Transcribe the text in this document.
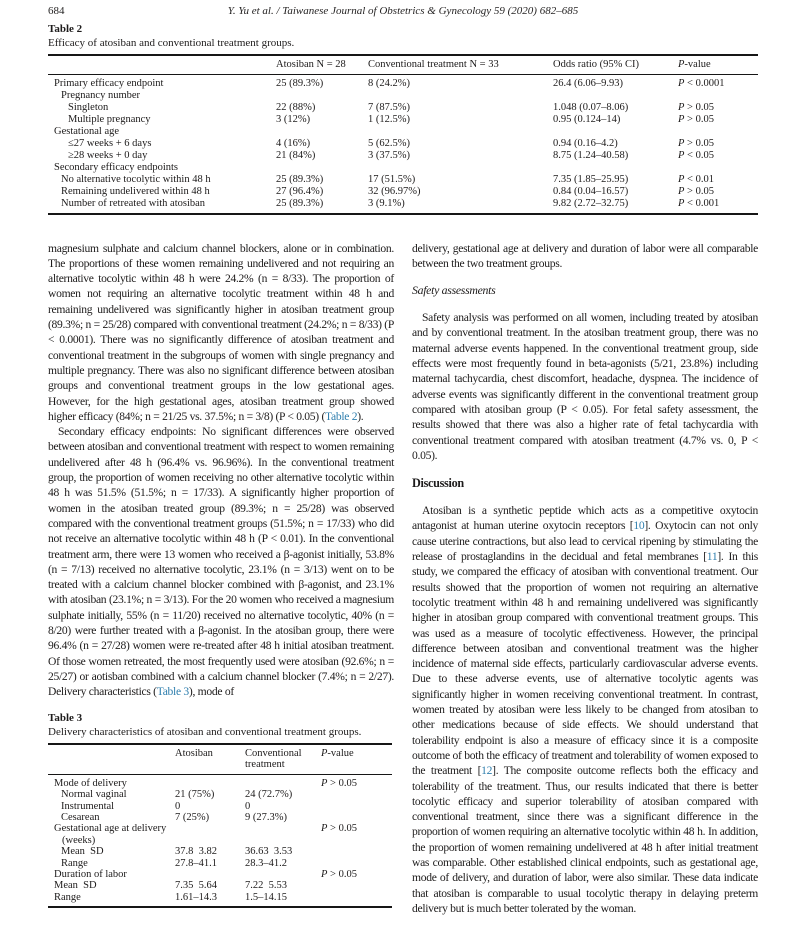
684	Y. Yu et al. / Taiwanese Journal of Obstetrics & Gynecology 59 (2020) 682–685
Table 2
Efficacy of atosiban and conventional treatment groups.
	Atosiban N = 28	Conventional treatment N = 33	Odds ratio (95% CI)	P-value
Primary efficacy endpoint	25 (89.3%)	8 (24.2%)	26.4 (6.06–9.93)	P < 0.0001
Pregnancy number				
Singleton	22 (88%)	7 (87.5%)	1.048 (0.07–8.06)	P > 0.05
Multiple pregnancy	3 (12%)	1 (12.5%)	0.95 (0.124–14)	P > 0.05
Gestational age				
≤27 weeks + 6 days	4 (16%)	5 (62.5%)	0.94 (0.16–4.2)	P > 0.05
≥28 weeks + 0 day	21 (84%)	3 (37.5%)	8.75 (1.24–40.58)	P < 0.05
Secondary efficacy endpoints				
No alternative tocolytic within 48 h	25 (89.3%)	17 (51.5%)	7.35 (1.85–25.95)	P < 0.01
Remaining undelivered within 48 h	27 (96.4%)	32 (96.97%)	0.84 (0.04–16.57)	P > 0.05
Number of retreated with atosiban	25 (89.3%)	3 (9.1%)	9.82 (2.72–32.75)	P < 0.001

magnesium sulphate and calcium channel blockers, alone or in combination. The proportions of these women remaining undelivered and not requiring an alternative tocolytic within 48 h were 24.2% (n = 8/33). The proportion of women not requiring an alternative tocolytic treatment within 48 h and remaining undelivered was significantly higher in atosiban treatment group (89.3%; n = 25/28) compared with conventional treatment (24.2%; n = 8/33) (P < 0.0001). There was no significantly difference of atosiban treatment and conventional treatment in the subgroups of women with single pregnancy and multiple pregnancy. There was also no significant difference between atosiban groups and conventional treatment groups in the low gestational ages. However, for the high gestational ages, atosiban treatment group showed higher efficacy (84%; n = 21/25 vs. 37.5%; n = 3/8) (P < 0.05) (Table 2).

Secondary efficacy endpoints: No significant differences were observed between atosiban and conventional treatment with respect to women remaining undelivered after 48 h (96.4% vs. 96.96%). In the conventional treatment group, the proportion of women receiving no other alternative tocolytic within 48 h was 51.5% (51.5%; n = 17/33). A significantly higher proportion of women in the atosiban treated group (89.3%; n = 25/28) was observed compared with the conventional treatment groups (51.5%; n = 17/33) who did not receive an alternative tocolytic within 48 h (P < 0.01). In the conventional treatment arm, there were 13 women who received a β-agonist initially, 53.8% (n = 7/13) received no alternative tocolytic, 23.1% (n = 3/13) went on to be treated with a calcium channel blocker combined with β-agonist, and 23.1% with atosiban (23.1%; n = 3/13). For the 20 women who received a magnesium sulphate initially, 55% (n = 11/20) received no alternative tocolytic, 40% (n = 8/20) were further treated with a β-agonist. In the atosiban group, there were 96.4% (n = 27/28) women were re-treated after 48 h initial atosiban treatment. Of those women retreated, the most frequently used were atosiban (92.6%; n = 25/27) or aotisban combined with a calcium channel blocker (7.4%; n = 2/27). Delivery characteristics (Table 3), mode of

Table 3
Delivery characteristics of atosiban and conventional treatment groups.
	Atosiban	Conventional treatment	P-value
Mode of delivery			P > 0.05
Normal vaginal	21 (75%)	24 (72.7%)	
Instrumental	0	0	
Cesarean	7 (25%)	9 (27.3%)	
Gestational age at delivery (weeks)			P > 0.05
Mean  SD	37.8  3.82	36.63  3.53	
Range	27.8–41.1	28.3–41.2	
Duration of labor			P > 0.05
Mean  SD	7.35  5.64	7.22  5.53	
Range	1.61–14.3	1.5–14.15	

delivery, gestational age at delivery and duration of labor were all comparable between the two treatment groups.

Safety assessments

Safety analysis was performed on all women, including treated by atosiban and by conventional treatment. In the atosiban treatment group, there was no maternal adverse events happened. In the conventional treatment group, side effects were most frequently found in beta-agonists (5/21, 23.8%) including maternal tachycardia, chest discomfort, headache, dyspnea. The incidence of adverse events was significantly different in the conventional treatment group compared with atosiban group (P < 0.05). For fetal safety assessment, the results showed that there was also a higher rate of fetal tachycardia with conventional treatment compared with atosiban treatment (4.7% vs. 0, P < 0.05).

Discussion

Atosiban is a synthetic peptide which acts as a competitive oxytocin antagonist at human uterine oxytocin receptors [10]. Oxytocin can not only cause uterine contractions, but also lead to cervical ripening by stimulating the release of prostaglandins in the decidual and fetal membranes [11]. In this study, we compared the efficacy of atosiban with conventional treatment. Our results showed that the proportion of women not requiring an alternative tocolytic treatment within 48 h and remaining undelivered was significantly higher in atosiban group compared with conventional treatment groups. This was used as a measure of tocolytic effectiveness. However, the principal difference between atosiban and conventional treatment was the higher incidence of maternal side effects, particularly cardiovascular adverse events. Due to these adverse events, use of alternative tocolytic agents was significantly higher in women receiving conventional treatment. In contrast, women treated by atosiban were less likely to be changed from atosiban to other medications because of side effects. We should understand that tolerability endpoint is also a measure of efficacy since it is a composite outcome of both the efficacy of treatment and tolerability of women exposed to the treatment [12]. The composite outcome reflects both the efficacy and tolerability of the treatment. Thus, our results indicated that there is better tocolytic efficacy and superior tolerability of atosiban compared with conventional treatment, since there was a significant difference in the proportion of women requiring an alternative tocolytic within 48 h. In addition, the proportion of women remaining undelivered at 48 h after initial treatment was comparable. Other established clinical endpoints, such as gestational age, mode of delivery, and duration of labor, were also similar. These data indicate that atosiban is comparable to usual tocolytic therapy in delaying preterm delivery but is much better tolerated by the woman.
